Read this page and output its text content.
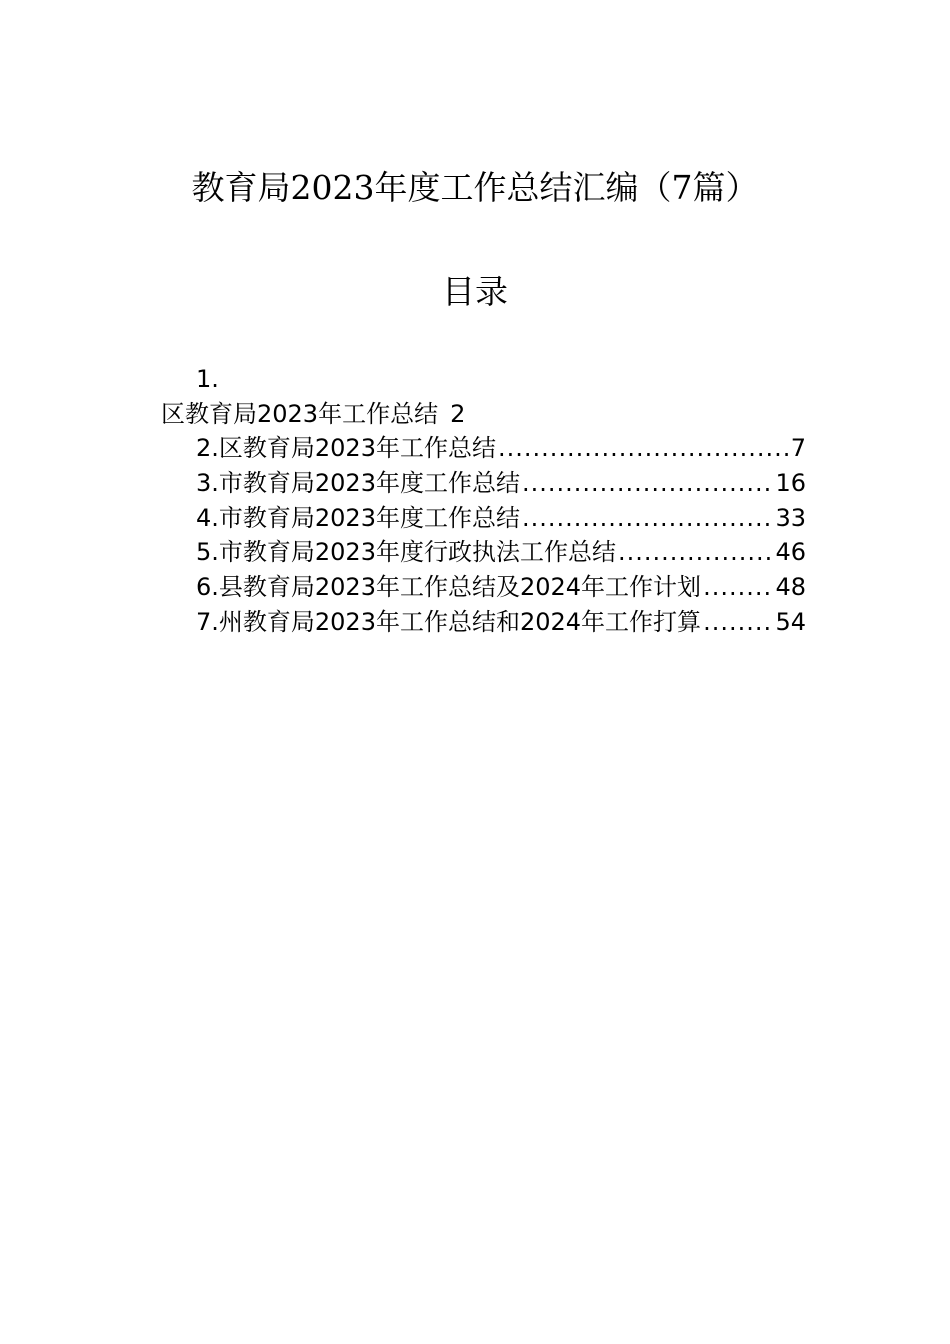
教育局2023年度工作总结汇编（7篇）
目录
1.
区教育局2023年工作总结 2
2.区教育局2023年工作总结 .....	7
3.市教育局2023年度工作总结 .....	16
4.市教育局2023年度工作总结 .....	33
5.市教育局2023年度行政执法工作总结 .....	46
6.县教育局2023年工作总结及2024年工作计划 .....	48
7.州教育局2023年工作总结和2024年工作打算 .....	54
